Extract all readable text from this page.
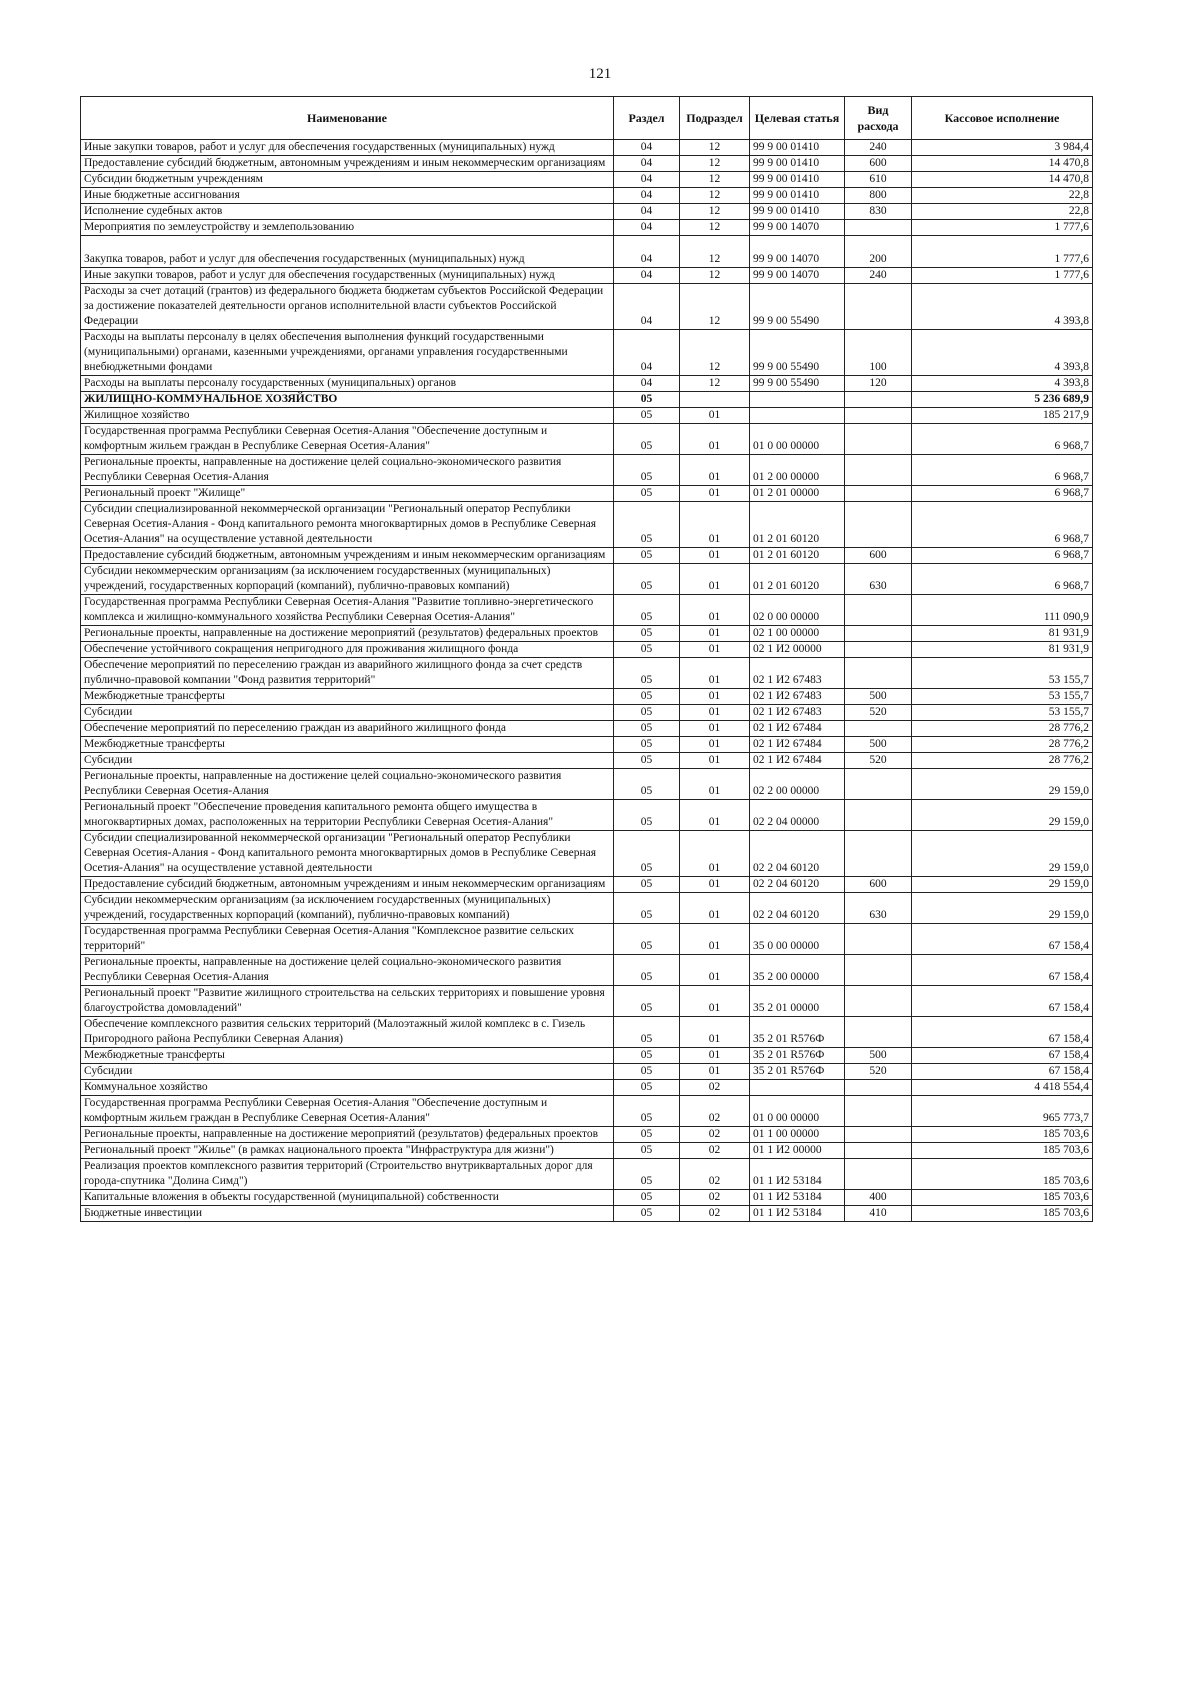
121
Наименование	Раздел	Подраздел	Целевая статья	Вид расхода	Кассовое исполнение
Иные закупки товаров, работ и услуг для обеспечения государственных (муниципальных) нужд	04	12	99 9 00 01410	240	3 984,4
Предоставление субсидий бюджетным, автономным учреждениям и иным некоммерческим организациям	04	12	99 9 00 01410	600	14 470,8
Субсидии бюджетным учреждениям	04	12	99 9 00 01410	610	14 470,8
Иные бюджетные ассигнования	04	12	99 9 00 01410	800	22,8
Исполнение судебных актов	04	12	99 9 00 01410	830	22,8
Мероприятия по землеустройству и землепользованию	04	12	99 9 00 14070		1 777,6
Закупка товаров, работ и услуг для обеспечения государственных (муниципальных) нужд	04	12	99 9 00 14070	200	1 777,6
Иные закупки товаров, работ и услуг для обеспечения государственных (муниципальных) нужд	04	12	99 9 00 14070	240	1 777,6
Расходы за счет дотаций (грантов) из федерального бюджета бюджетам субъектов Российской Федерации за достижение показателей деятельности органов исполнительной власти субъектов Российской Федерации	04	12	99 9 00 55490		4 393,8
Расходы на выплаты персоналу в целях обеспечения выполнения функций государственными (муниципальными) органами, казенными учреждениями, органами управления государственными внебюджетными фондами	04	12	99 9 00 55490	100	4 393,8
Расходы на выплаты персоналу государственных (муниципальных) органов	04	12	99 9 00 55490	120	4 393,8
ЖИЛИЩНО-КОММУНАЛЬНОЕ ХОЗЯЙСТВО	05				5 236 689,9
Жилищное хозяйство	05	01			185 217,9
Государственная программа Республики Северная Осетия-Алания "Обеспечение доступным и комфортным жильем граждан в Республике Северная Осетия-Алания"	05	01	01 0 00 00000		6 968,7
Региональные проекты, направленные на достижение целей социально-экономического развития Республики Северная Осетия-Алания	05	01	01 2 00 00000		6 968,7
Региональный проект "Жилище"	05	01	01 2 01 00000		6 968,7
Субсидии специализированной некоммерческой организации "Региональный оператор Республики Северная Осетия-Алания - Фонд капитального ремонта многоквартирных домов в Республике Северная Осетия-Алания" на осуществление уставной деятельности	05	01	01 2 01 60120		6 968,7
Предоставление субсидий бюджетным, автономным учреждениям и иным некоммерческим организациям	05	01	01 2 01 60120	600	6 968,7
Субсидии некоммерческим организациям (за исключением государственных (муниципальных) учреждений, государственных корпораций (компаний), публично-правовых компаний)	05	01	01 2 01 60120	630	6 968,7
Государственная программа Республики Северная Осетия-Алания "Развитие топливно-энергетического комплекса и жилищно-коммунального хозяйства Республики Северная Осетия-Алания"	05	01	02 0 00 00000		111 090,9
Региональные проекты, направленные на достижение мероприятий (результатов) федеральных проектов	05	01	02 1 00 00000		81 931,9
Обеспечение устойчивого сокращения непригодного для проживания жилищного фонда	05	01	02 1 И2 00000		81 931,9
Обеспечение мероприятий по переселению граждан из аварийного жилищного фонда за счет средств публично-правовой компании "Фонд развития территорий"	05	01	02 1 И2 67483		53 155,7
Межбюджетные трансферты	05	01	02 1 И2 67483	500	53 155,7
Субсидии	05	01	02 1 И2 67483	520	53 155,7
Обеспечение мероприятий по переселению граждан из аварийного жилищного фонда	05	01	02 1 И2 67484		28 776,2
Межбюджетные трансферты	05	01	02 1 И2 67484	500	28 776,2
Субсидии	05	01	02 1 И2 67484	520	28 776,2
Региональные проекты, направленные на достижение целей социально-экономического развития Республики Северная Осетия-Алания	05	01	02 2 00 00000		29 159,0
Региональный проект "Обеспечение проведения капитального ремонта общего имущества в многоквартирных домах, расположенных на территории Республики Северная Осетия-Алания"	05	01	02 2 04 00000		29 159,0
Субсидии специализированной некоммерческой организации "Региональный оператор Республики Северная Осетия-Алания - Фонд капитального ремонта многоквартирных домов в Республике Северная Осетия-Алания" на осуществление уставной деятельности	05	01	02 2 04 60120		29 159,0
Предоставление субсидий бюджетным, автономным учреждениям и иным некоммерческим организациям	05	01	02 2 04 60120	600	29 159,0
Субсидии некоммерческим организациям (за исключением государственных (муниципальных) учреждений, государственных корпораций (компаний), публично-правовых компаний)	05	01	02 2 04 60120	630	29 159,0
Государственная программа Республики Северная Осетия-Алания "Комплексное развитие сельских территорий"	05	01	35 0 00 00000		67 158,4
Региональные проекты, направленные на достижение целей социально-экономического развития Республики Северная Осетия-Алания	05	01	35 2 00 00000		67 158,4
Региональный проект "Развитие жилищного строительства на сельских территориях и повышение уровня благоустройства домовладений"	05	01	35 2 01 00000		67 158,4
Обеспечение комплексного развития сельских территорий (Малоэтажный жилой комплекс в с. Гизель Пригородного района Республики Северная Алания)	05	01	35 2 01 R576Ф		67 158,4
Межбюджетные трансферты	05	01	35 2 01 R576Ф	500	67 158,4
Субсидии	05	01	35 2 01 R576Ф	520	67 158,4
Коммунальное хозяйство	05	02			4 418 554,4
Государственная программа Республики Северная Осетия-Алания "Обеспечение доступным и комфортным жильем граждан в Республике Северная Осетия-Алания"	05	02	01 0 00 00000		965 773,7
Региональные проекты, направленные на достижение мероприятий (результатов) федеральных проектов	05	02	01 1 00 00000		185 703,6
Региональный проект "Жилье" (в рамках национального проекта "Инфраструктура для жизни")	05	02	01 1 И2 00000		185 703,6
Реализация проектов комплексного развития территорий (Строительство внутриквартальных дорог для города-спутника "Долина Симд")	05	02	01 1 И2 53184		185 703,6
Капитальные вложения в объекты государственной (муниципальной) собственности	05	02	01 1 И2 53184	400	185 703,6
Бюджетные инвестиции	05	02	01 1 И2 53184	410	185 703,6
